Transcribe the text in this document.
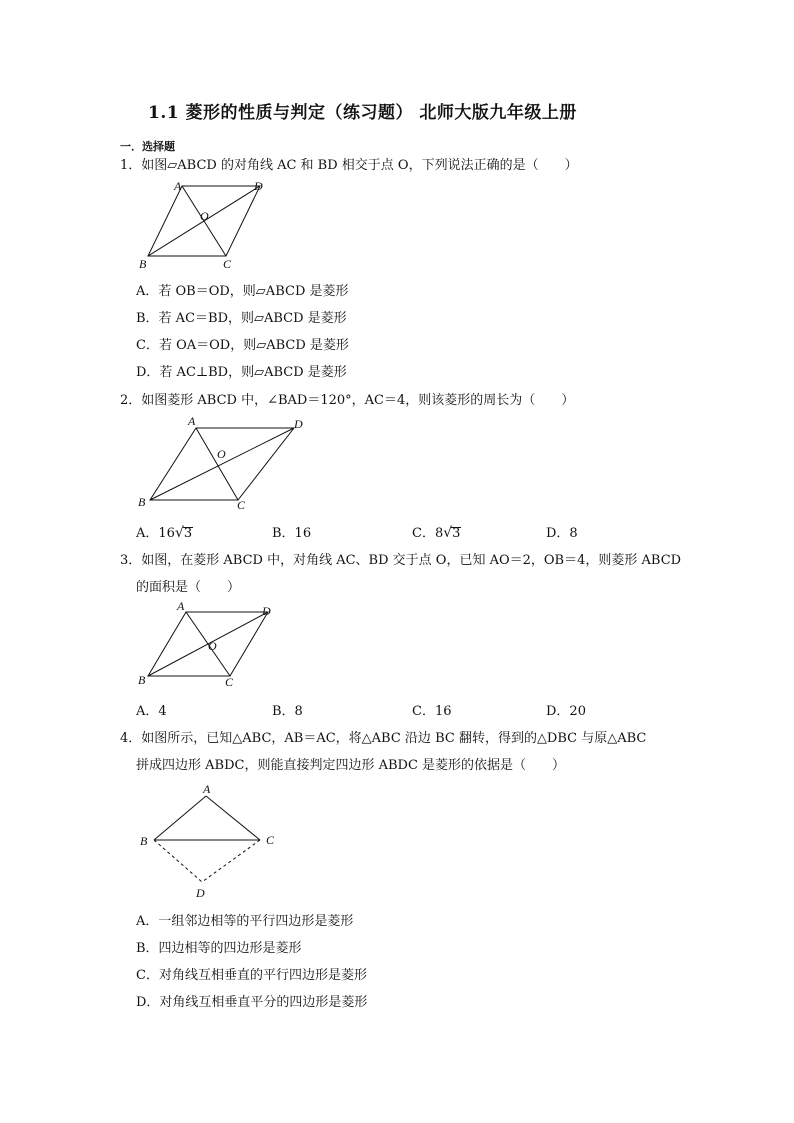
1.1 菱形的性质与判定（练习题） 北师大版九年级上册
一．选择题
1．如图▱ABCD 的对角线 AC 和 BD 相交于点 O，下列说法正确的是（　　）
A	D
O
B	C
A．若 OB＝OD，则▱ABCD 是菱形
B．若 AC＝BD，则▱ABCD 是菱形
C．若 OA＝OD，则▱ABCD 是菱形
D．若 AC⊥BD，则▱ABCD 是菱形
2．如图菱形 ABCD 中，∠BAD＝120°，AC＝4，则该菱形的周长为（　　）
A	D
O
B	C
A．16√3	B．16	C．8√3	D．8
3．如图，在菱形 ABCD 中，对角线 AC、BD 交于点 O，已知 AO＝2，OB＝4，则菱形 ABCD
的面积是（　　）
A	D
O
B	C
A．4	B．8	C．16	D．20
4．如图所示，已知△ABC，AB＝AC，将△ABC 沿边 BC 翻转，得到的△DBC 与原△ABC
拼成四边形 ABDC，则能直接判定四边形 ABDC 是菱形的依据是（　　）
A
B	C
D
A．一组邻边相等的平行四边形是菱形
B．四边相等的四边形是菱形
C．对角线互相垂直的平行四边形是菱形
D．对角线互相垂直平分的四边形是菱形
